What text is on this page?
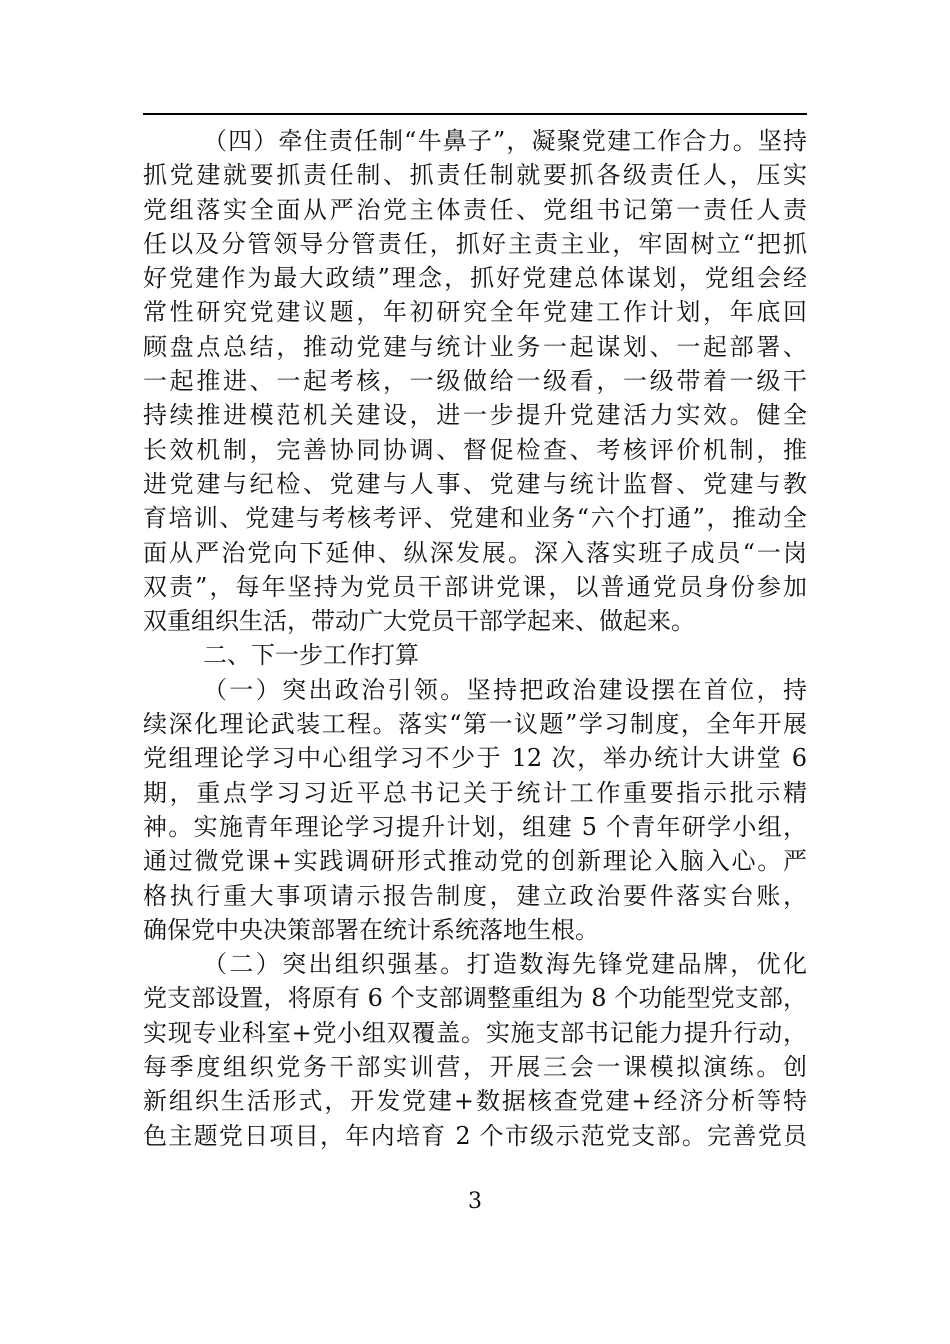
（四）牵住责任制“牛鼻子”，凝聚党建工作合力。坚持
抓党建就要抓责任制、抓责任制就要抓各级责任人，压实
党组落实全面从严治党主体责任、党组书记第一责任人责
任以及分管领导分管责任，抓好主责主业，牢固树立“把抓
好党建作为最大政绩”理念，抓好党建总体谋划，党组会经
常性研究党建议题，年初研究全年党建工作计划，年底回
顾盘点总结，推动党建与统计业务一起谋划、一起部署、
一起推进、一起考核，一级做给一级看，一级带着一级干
持续推进模范机关建设，进一步提升党建活力实效。健全
长效机制，完善协同协调、督促检查、考核评价机制，推
进党建与纪检、党建与人事、党建与统计监督、党建与教
育培训、党建与考核考评、党建和业务“六个打通”，推动全
面从严治党向下延伸、纵深发展。深入落实班子成员“一岗
双责”，每年坚持为党员干部讲党课，以普通党员身份参加
双重组织生活，带动广大党员干部学起来、做起来。
二、下一步工作打算
（一）突出政治引领。坚持把政治建设摆在首位，持
续深化理论武装工程。落实“第一议题”学习制度，全年开展
党组理论学习中心组学习不少于 12 次，举办统计大讲堂 6
期，重点学习习近平总书记关于统计工作重要指示批示精
神。实施青年理论学习提升计划，组建 5 个青年研学小组，
通过微党课+实践调研形式推动党的创新理论入脑入心。严
格执行重大事项请示报告制度，建立政治要件落实台账，
确保党中央决策部署在统计系统落地生根。
（二）突出组织强基。打造数海先锋党建品牌，优化
党支部设置，将原有 6 个支部调整重组为 8 个功能型党支部，
实现专业科室+党小组双覆盖。实施支部书记能力提升行动，
每季度组织党务干部实训营，开展三会一课模拟演练。创
新组织生活形式，开发党建+数据核查党建+经济分析等特
色主题党日项目，年内培育 2 个市级示范党支部。完善党员
3
